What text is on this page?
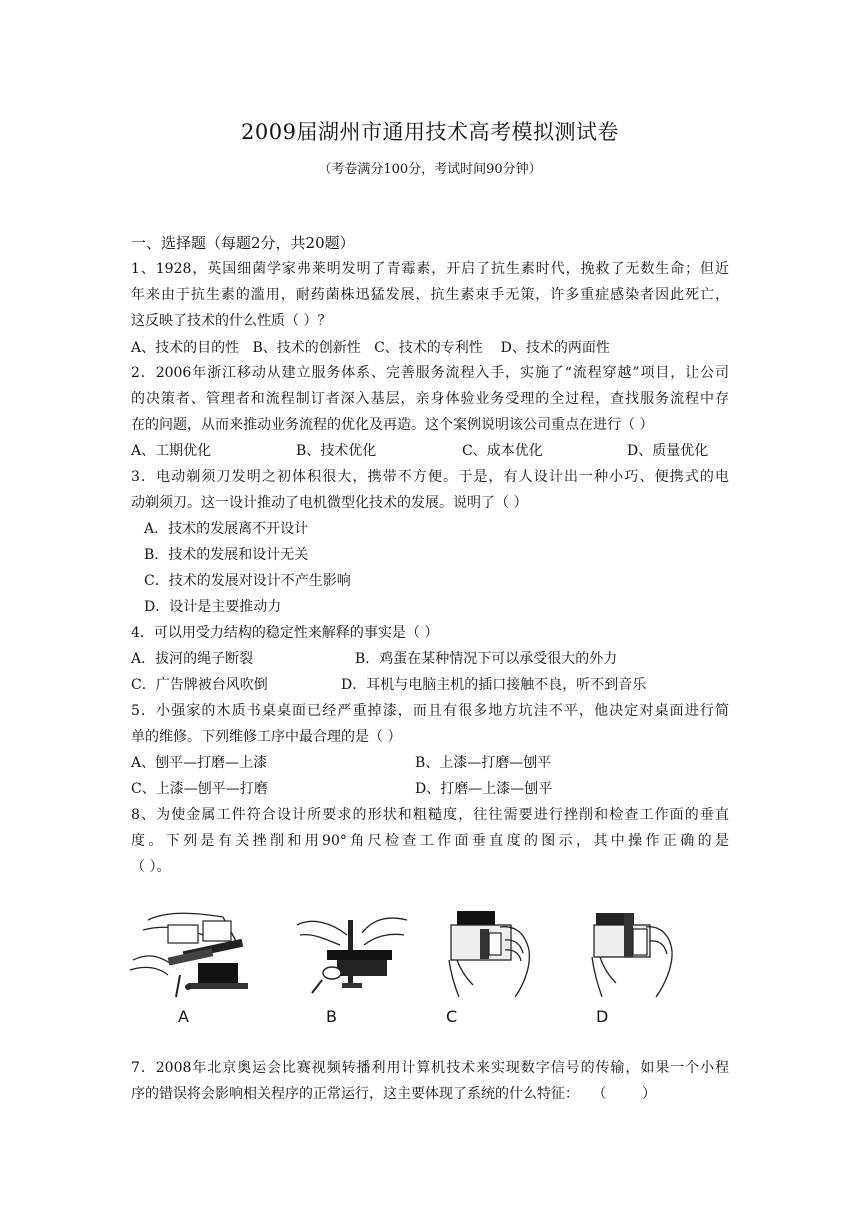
2009届湖州市通用技术高考模拟测试卷
（考卷满分100分，考试时间90分钟）
一、选择题（每题2分，共20题）
1、1928，英国细菌学家弗莱明发明了青霉素，开启了抗生素时代，挽救了无数生命；但近
年来由于抗生素的滥用，耐药菌株迅猛发展，抗生素束手无策，许多重症感染者因此死亡，
这反映了技术的什么性质（ ）？
A、技术的目的性   B、技术的创新性   C、技术的专利性    D、技术的两面性
2．2006年浙江移动从建立服务体系、完善服务流程入手，实施了“流程穿越”项目，让公司
的决策者、管理者和流程制订者深入基层，亲身体验业务受理的全过程，查找服务流程中存
在的问题，从而来推动业务流程的优化及再造。这个案例说明该公司重点在进行（ ）
A、工期优化	B、技术优化	C、成本优化	D、质量优化
3．电动剃须刀发明之初体积很大，携带不方便。于是，有人设计出一种小巧、便携式的电
动剃须刀。这一设计推动了电机微型化技术的发展。说明了（ ）
A．技术的发展离不开设计
B．技术的发展和设计无关
C．技术的发展对设计不产生影响
D．设计是主要推动力
4．可以用受力结构的稳定性来解释的事实是（ ）
A．拔河的绳子断裂	B．鸡蛋在某种情况下可以承受很大的外力
C．广告牌被台风吹倒	D．耳机与电脑主机的插口接触不良，听不到音乐
5．小强家的木质书桌桌面已经严重掉漆，而且有很多地方坑洼不平，他决定对桌面进行简
单的维修。下列维修工序中最合理的是（ ）
A、刨平—打磨—上漆	B、上漆—打磨—刨平
C、上漆—刨平—打磨	D、打磨—上漆—刨平
8、为使金属工件符合设计所要求的形状和粗糙度，往往需要进行挫削和检查工作面的垂直
度。下列是有关挫削和用90°角尺检查工作面垂直度的图示，其中操作正确的是
（ ）。
A	B	C	D
7．2008年北京奥运会比赛视频转播利用计算机技术来实现数字信号的传输，如果一个小程
序的错误将会影响相关程序的正常运行，这主要体现了系统的什么特征：   （        ）
